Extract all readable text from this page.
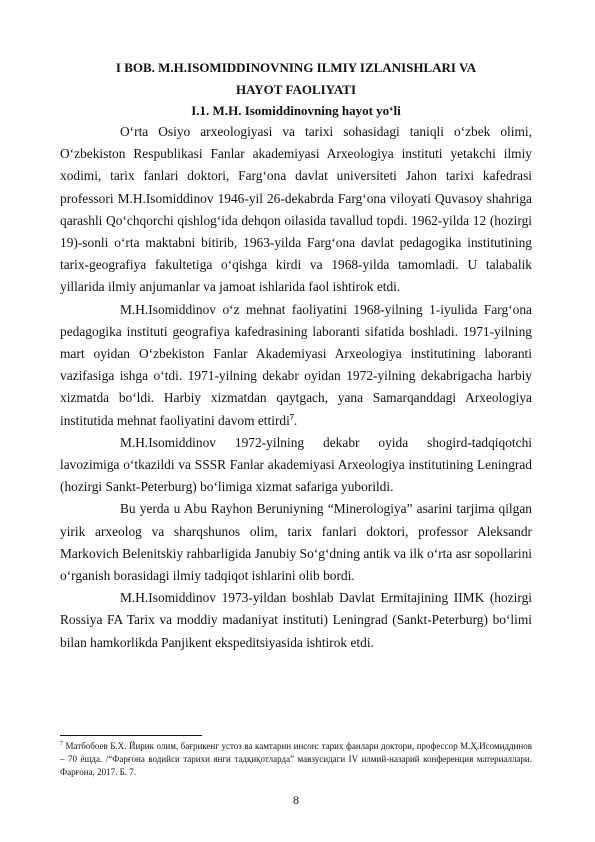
I BOB. M.H.ISOMIDDINOVNING ILMIY IZLANISHLARI VA
HAYOT FAOLIYATI
I.1. M.H. Isomiddinovning hayot yo‘li

O‘rta Osiyo arxeologiyasi va tarixi sohasidagi taniqli o‘zbek olimi, O‘zbekiston Respublikasi Fanlar akademiyasi Arxeologiya instituti yetakchi ilmiy xodimi, tarix fanlari doktori, Farg‘ona davlat universiteti Jahon tarixi kafedrasi professori M.H.Isomiddinov 1946-yil 26-dekabrda Farg‘ona viloyati Quvasoy shahriga qarashli Qo‘chqorchi qishlog‘ida dehqon oilasida tavallud topdi. 1962-yilda 12 (hozirgi 19)-sonli o‘rta maktabni bitirib, 1963-yilda Farg‘ona davlat pedagogika institutining tarix-geografiya fakultetiga o‘qishga kirdi va 1968-yilda tamomladi. U talabalik yillarida ilmiy anjumanlar va jamoat ishlarida faol ishtirok etdi.

M.H.Isomiddinov o‘z mehnat faoliyatini 1968-yilning 1-iyulida Farg‘ona pedagogika instituti geografiya kafedrasining laboranti sifatida boshladi. 1971-yilning mart oyidan O‘zbekiston Fanlar Akademiyasi Arxeologiya institutining laboranti vazifasiga ishga o‘tdi. 1971-yilning dekabr oyidan 1972-yilning dekabrigacha harbiy xizmatda bo‘ldi. Harbiy xizmatdan qaytgach, yana Samarqanddagi Arxeologiya institutida mehnat faoliyatini davom ettirdi$^7$.

M.H.Isomiddinov 1972-yilning dekabr oyida shogird-tadqiqotchi lavozimiga o‘tkazildi va SSSR Fanlar akademiyasi Arxeologiya institutining Leningrad (hozirgi Sankt-Peterburg) bo‘limiga xizmat safariga yuborildi.

Bu yerda u Abu Rayhon Beruniyning “Minerologiya” asarini tarjima qilgan yirik arxeolog va sharqshunos olim, tarix fanlari doktori, professor Aleksandr Markovich Belenitskiy rahbarligida Janubiy So‘g‘dning antik va ilk o‘rta asr sopollarini o‘rganish borasidagi ilmiy tadqiqot ishlarini olib bordi.

M.H.Isomiddinov 1973-yildan boshlab Davlat Ermitajining IIMK (hozirgi Rossiya FA Tarix va moddiy madaniyat instituti) Leningrad (Sankt-Peterburg) bo‘limi bilan hamkorlikda Panjikent ekspeditsiyasida ishtirok etdi.

$^7$ Матбобоев Б.Х. Йирик олим, бағрикенг устоз ва камтарин инсон: тарих фанлари доктори, профессор М.Ҳ.Исомиддинов – 70 ёшда. /“Фарғона водийси тарихи янги тадқиқотларда” мавзусидаги IV илмий-назарий конференция материаллари. Фарғона, 2017. Б. 7.
8
